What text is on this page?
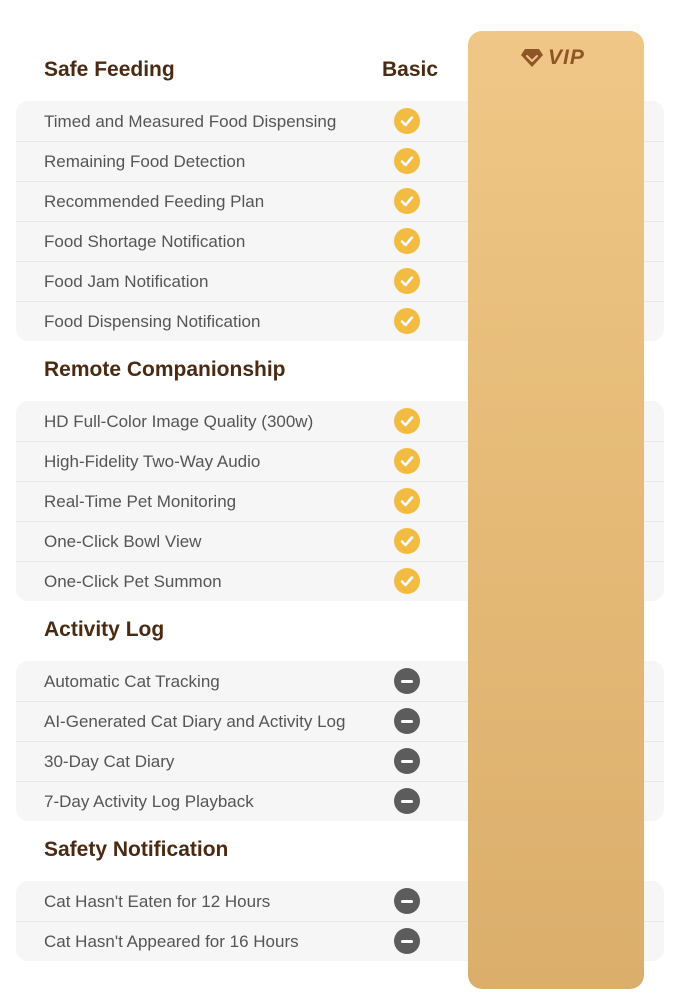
Basic
VIP
Safe Feeding
Timed and Measured Food Dispensing
Remaining Food Detection
Recommended Feeding Plan
Food Shortage Notification
Food Jam Notification
Food Dispensing Notification
Remote Companionship
HD Full-Color Image Quality (300w)
High-Fidelity Two-Way Audio
Real-Time Pet Monitoring
One-Click Bowl View
One-Click Pet Summon
Activity Log
Automatic Cat Tracking
AI-Generated Cat Diary and Activity Log
30-Day Cat Diary
7-Day Activity Log Playback
Safety Notification
Cat Hasn't Eaten for 12 Hours
Cat Hasn't Appeared for 16 Hours
